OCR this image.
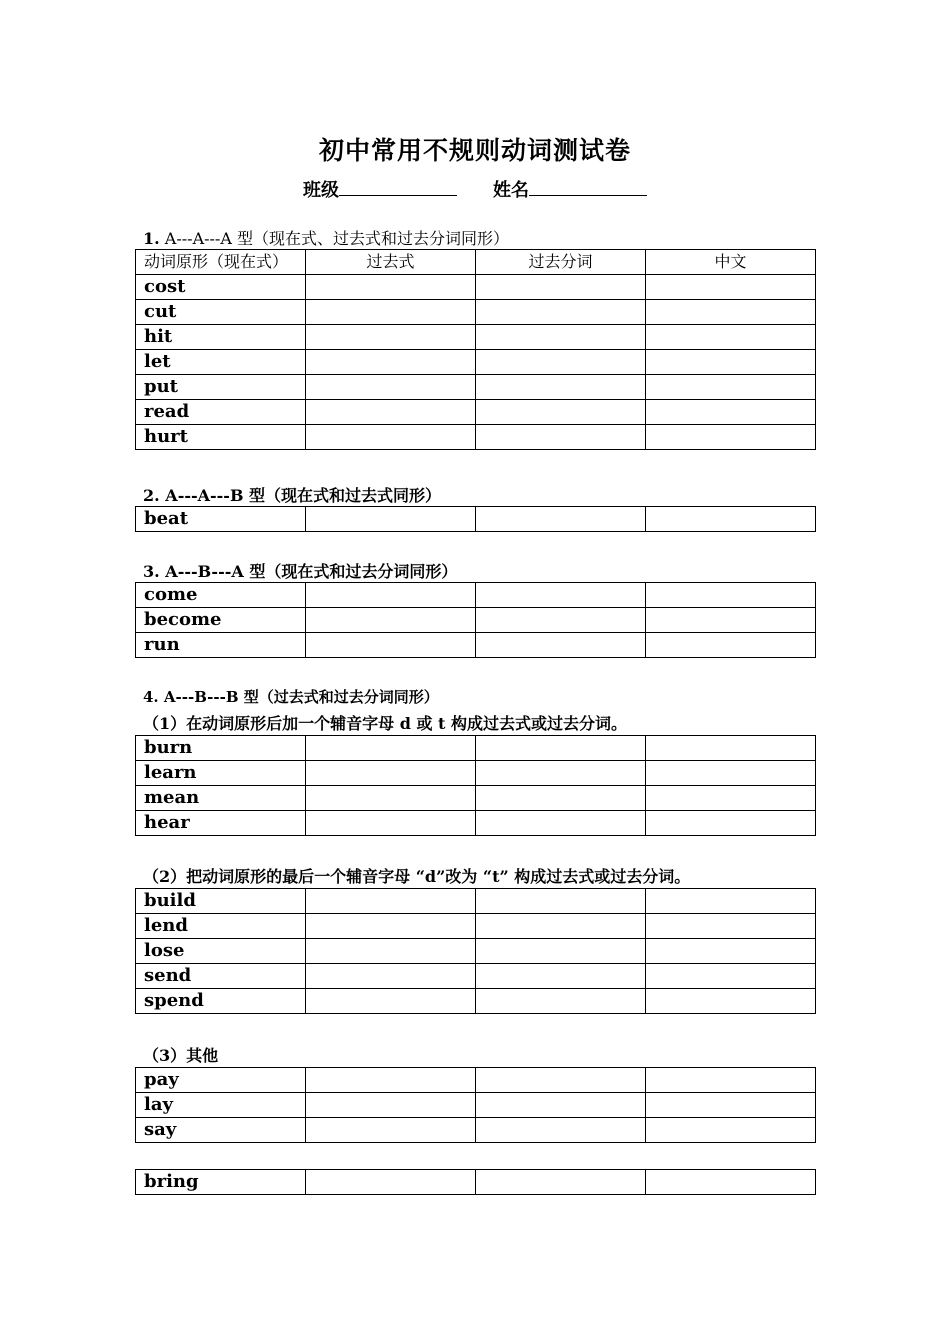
初中常用不规则动词测试卷
班级	姓名
1. A---A---A 型（现在式、过去式和过去分词同形）
动词原形（现在式）	过去式	过去分词	中文
cost			
cut			
hit			
let			
put			
read			
hurt			
2. A---A---B 型（现在式和过去式同形）
beat			
3. A---B---A 型（现在式和过去分词同形）
come			
become			
run			
4. A---B---B 型（过去式和过去分词同形）
（1）在动词原形后加一个辅音字母 d 或 t 构成过去式或过去分词。
burn			
learn			
mean			
hear			
（2）把动词原形的最后一个辅音字母 “d”改为 “t” 构成过去式或过去分词。
build			
lend			
lose			
send			
spend			
（3）其他
pay			
lay			
say			
bring			
